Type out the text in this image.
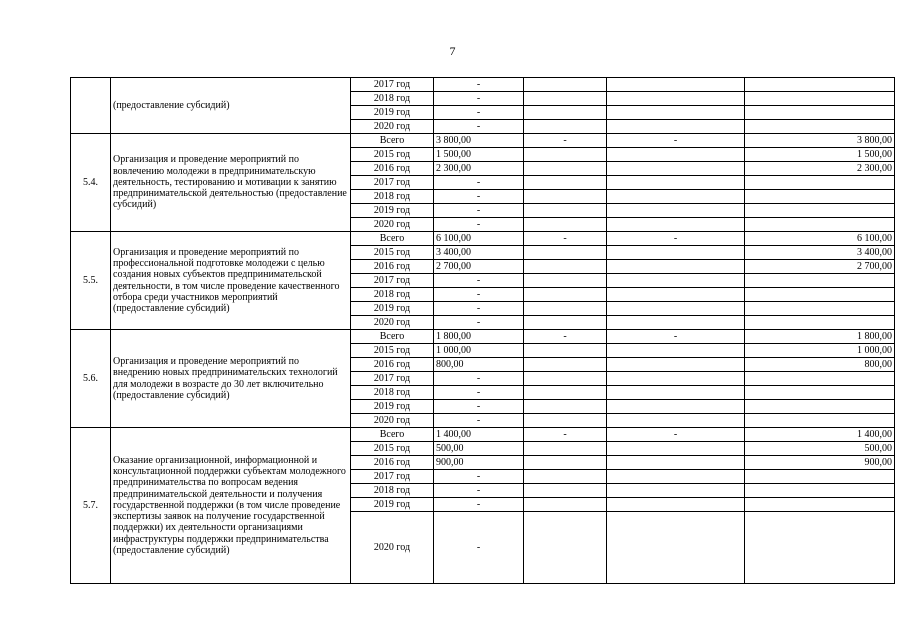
7
	(предоставление субсидий)	2017 год	-			
		2018 год	-			
		2019 год	-			
		2020 год	-			
5.4.	Организация и проведение мероприятий по вовлечению молодежи в предпринимательскую деятельность, тестированию и мотивации к занятию предпринимательской деятельностью (предоставление субсидий)	Всего	3 800,00	-	-	3 800,00
		2015 год	1 500,00			1 500,00
		2016 год	2 300,00			2 300,00
		2017 год	-			
		2018 год	-			
		2019 год	-			
		2020 год	-			
5.5.	Организация и проведение мероприятий по профессиональной подготовке молодежи с целью создания новых субъектов предпринимательской деятельности, в том числе проведение качественного отбора среди участников мероприятий (предоставление субсидий)	Всего	6 100,00	-	-	6 100,00
		2015 год	3 400,00			3 400,00
		2016 год	2 700,00			2 700,00
		2017 год	-			
		2018 год	-			
		2019 год	-			
		2020 год	-			
5.6.	Организация и проведение мероприятий по внедрению новых предпринимательских технологий для молодежи в возрасте до 30 лет включительно (предоставление субсидий)	Всего	1 800,00	-	-	1 800,00
		2015 год	1 000,00			1 000,00
		2016 год	800,00			800,00
		2017 год	-			
		2018 год	-			
		2019 год	-			
		2020 год	-			
5.7.	Оказание организационной, информационной и консультационной поддержки субъектам молодежного предпринимательства по вопросам ведения предпринимательской деятельности и получения государственной поддержки (в том числе проведение экспертизы заявок на получение государственной поддержки) их деятельности организациями инфраструктуры поддержки предпринимательства (предоставление субсидий)	Всего	1 400,00	-	-	1 400,00
		2015 год	500,00			500,00
		2016 год	900,00			900,00
		2017 год	-			
		2018 год	-			
		2019 год	-			
		2020 год	-			
